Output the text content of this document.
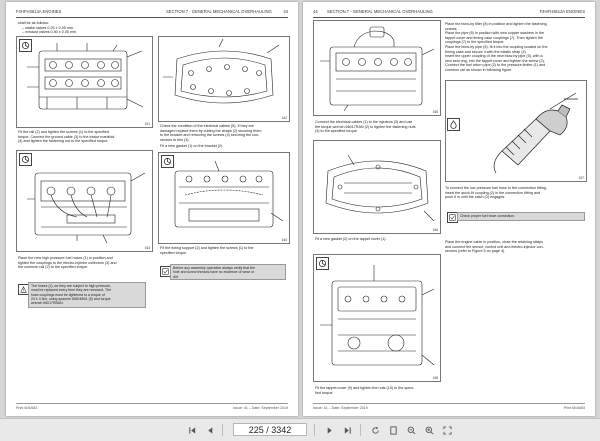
F4HFH3613A ENGINES	SECTION 7 - GENERAL MECHANICAL OVERHAULING	43
shall be as follows:
– intake valves 0.25 ± 0.05 mm
– exhaust valves 0.50 ± 0.05 mm.
161
162
Fit the rail (2) and tighten the screws (1) to the specified
torque. Connect the ground cable (3) to the intake manifold
(4) and tighten the fastening nut to the specified torque.
Check the condition of the electrical cables (5). If they are
damaged replace them by cutting the straps (2) securing them
to the bracket and removing the screws (4) securing the con-
nectors to this (3).
Fit a new gasket (1) on the bracket (2).
163
164
Place the new high pressure fuel hoses (1) in position and
tighten the couplings to the electro-injector collectors (3) and
the common rail (2) to the specified torque.
Fit the wiring support (2) and tighten the screws (1) to the
specified torque.
The hoses (1), as they are subject to high pressure,
must be replaced every time they are removed. The
hose couplings must be tightened to a torque of
24 ± 4 Nm, using spanner 66516801 (5) and torque
wrench 66017RBAN.
Before any assembly operation always verify that the
hole and screw threads have no evidence of wear or
dirt.
Print 604/683	Issue: 41 – Date: September 2019
44 SECTION 7 - GENERAL MECHANICAL OVERHAULING	F4HFH3613A ENGINES
165
Place the blow-by filter (8) in position and tighten the fastening
screws.
Place the pipe (6) in position with new copper washers in the
tappet cover and timing case couplings (7). Then tighten the
couplings (7) to the specified torque.
Place the blow-by pipe (5), fit it into the coupling located on the
timing case and secure it with the elastic strap (4).
Insert the upper coupling of the new blow-by pipe (5), with a
new seal ring, into the tappet cover and tighten the screw (3).
Connect the fuel return pipe (2) to the pressure limiter (1) and
common rail as shown in following figure.
Connect the electrical cables (1) to the injectors (3) and use
the torque wrench 66017RAN (2) to tighten the fastening nuts
(4) to the specified torque.
167
166
Fit a new gasket (2) on the tappet cover (1).
To connect the low pressure fuel hose to the connection fitting,
insert the quick-fit coupling (2) in the connection fitting and
push it in until the catch (3) engages.
Check proper fuel hose connection.
168
Place the engine cable in position, close the retaining straps
and connect the sensor, control unit and electro-injector con-
nectors (refer to Figure 5 on page 4).
Fit the tappet cover (9) and tighten the nuts (10) to the speci-
fied torque.
Issue: 41 – Date: September 2019	Print 604/683
225 / 3342
